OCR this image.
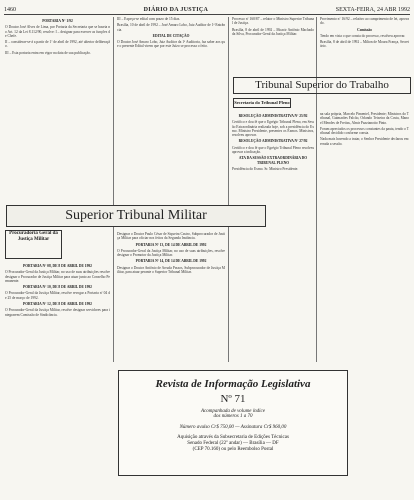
1460	DIÁRIO DA JUSTIÇA	SEXTA-FEIRA, 24 ABR 1992
PORTARIA Nº 1/92

O Doutor José Alves de Lima, por Portaria da Secretaria que se baseia no Art. 12 da Lei 8.112/90, resolve: I – designar para exercer as funções de Chefe.

II – considerar-se-á a partir de 1º de abril de 1992, até ulterior deliberação.

III – Esta portaria entra em vigor na data de sua publicação.

Superior Tribunal Militar
Procuradoria Geral da Justiça Militar
PORTARIA Nº 08, DE 8 DE ABRIL DE 1992

O Procurador-Geral da Justiça Militar, no uso de suas atribuições resolve designar o Procurador de Justiça Militar para atuar junto ao Conselho Permanente.

PORTARIA Nº 10, DE 8 DE ABRIL DE 1992

O Procurador-Geral da Justiça Militar, resolve revogar a Portaria nº 04 de 25 de março de 1992.

PORTARIA Nº 12, DE 8 DE ABRIL DE 1992

O Procurador-Geral da Justiça Militar, resolve designar servidores para integrarem Comissão de Sindicância.

III – Expeça-se edital com prazo de 15 dias.

Brasília, 10 de abril de 1992 – José Amaro Lobo, Juiz Auditor de 1ª Entrância.

EDITAL DE CITAÇÃO

O Doutor José Amaro Lobo, Juiz Auditor da 1ª Auditoria, faz saber aos que o presente Edital virem que por este Juízo se processa o feito.

Designar o Doutor Paulo César de Siqueira Castro, Subprocurador de Justiça Militar para oficiar nos feitos da Segunda Instância.

PORTARIA Nº 13, DE 14 DE ABRIL DE 1992

O Procurador-Geral da Justiça Militar, no uso de suas atribuições, resolve designar o Promotor da Justiça Militar.

PORTARIA Nº 14, DE 14 DE ABRIL DE 1992

Designar o Doutor Antônio de Arruda Passos, Subprocurador de Justiça Militar, para atuar perante o Superior Tribunal Militar.

Processo nº 160/87 – relator o Ministro Superior Tribunal de Justiça.

Brasília, 8 de abril de 1992 – Moacir Antônio Machado da Silva, Procurador-Geral da Justiça Militar.

Tribunal Superior do Trabalho
Secretaria do Tribunal Pleno
RESOLUÇÃO ADMINISTRATIVA Nº 25/92

Certifico e dou fé que o Egrégio Tribunal Pleno, em Sessão Extraordinária realizada hoje, sob a presidência do Exmo. Ministro Presidente, presentes os Exmos. Ministros, resolveu aprovar.

RESOLUÇÃO ADMINISTRATIVA Nº 27/92

Certifico e dou fé que o Egrégio Tribunal Pleno resolveu aprovar a indicação.

ATA DA SESSÃO EXTRAORDINÁRIA DO TRIBUNAL PLENO

Presidência do Exmo. Sr. Ministro Presidente.

Provimento nº 16/92 – relativo ao cumprimento de lei, aprovado.

Comissão

Tendo em vista o que consta do processo, resolveu aprovar.

Brasília, 8 de abril de 1992 – Milton de Moura França, Secretário.

na sala própria, Marcelo Pimentel, Presidente; Ministros do Tribunal, Guimarães Falcão, Orlando Teixeira da Costa, Manoel Mendes de Freitas, Almir Pazzianotto Pinto.

Foram apreciados os processos constantes da pauta, tendo o Tribunal decidido conforme consta.

Nada mais havendo a tratar, o Senhor Presidente declarou encerrada a sessão.

Revista de Informação Legislativa
Nº 71
Acompanhada de volume índice
dos números 1 a 70
Número avulso Cr$ 750,00 — Assinatura Cr$ 960,00
Aquisição através da Subsecretaria de Edições Técnicas
Senado Federal (22º andar) — Brasília — DF
(CEP 70.160) ou pelo Reembolso Postal
